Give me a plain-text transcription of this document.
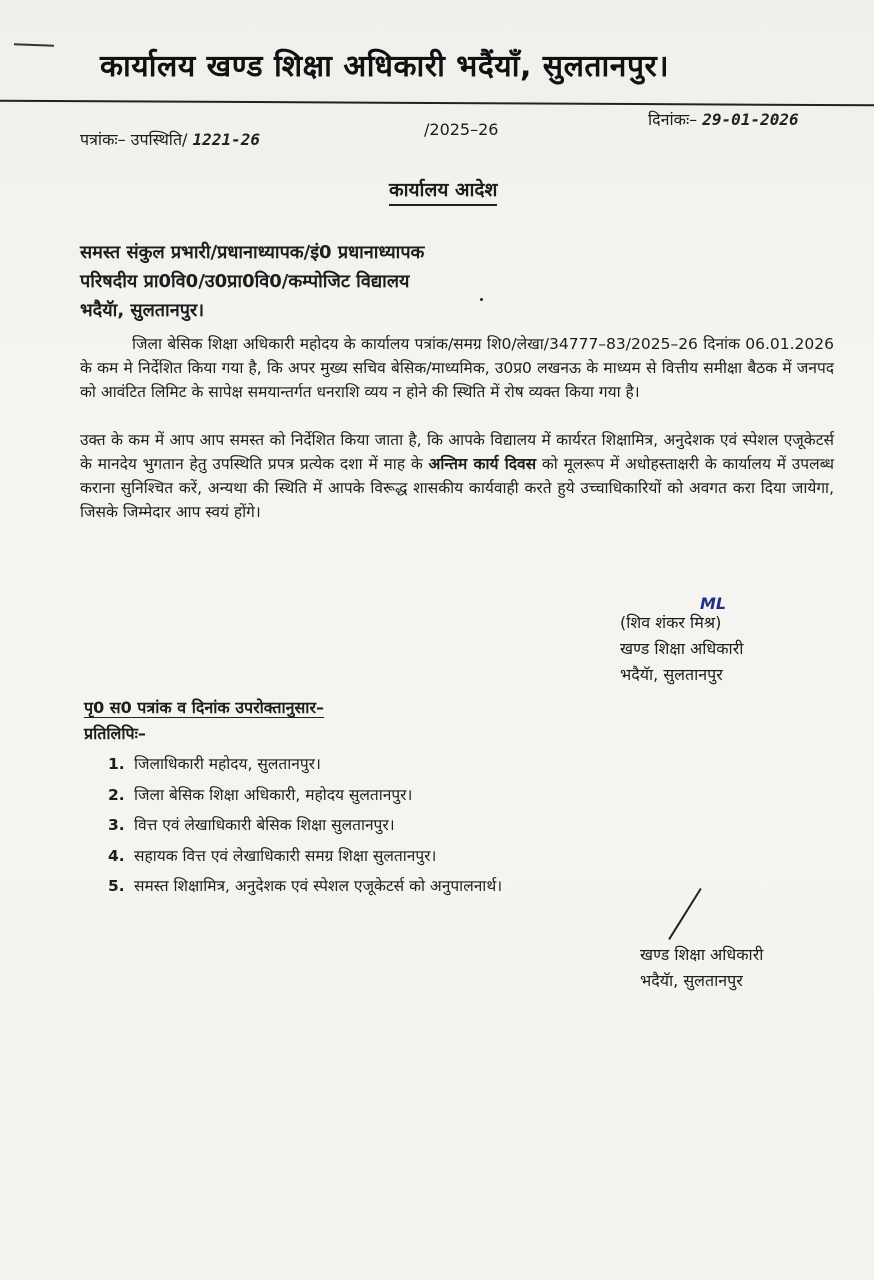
कार्यालय खण्ड शिक्षा अधिकारी भदैंयाँ, सुलतानपुर।
पत्रांकः– उपस्थिति/ 1221-26
/2025–26
दिनांकः– 29-01-2026
कार्यालय आदेश
समस्त संकुल प्रभारी/प्रधानाध्यापक/इं0 प्रधानाध्यापक
परिषदीय प्रा0वि0/उ0प्रा0वि0/कम्पोजिट विद्यालय
भदैयॅा, सुलतानपुर।
जिला बेसिक शिक्षा अधिकारी महोदय के कार्यालय पत्रांक/समग्र शि0/लेखा/34777–83/2025–26 दिनांक 06.01.2026 के कम मे निर्देशित किया गया है, कि अपर मुख्य सचिव बेसिक/माध्यमिक, उ0प्र0 लखनऊ के माध्यम से वित्तीय समीक्षा बैठक में जनपद को आवंटित लिमिट के सापेक्ष समयान्तर्गत धनराशि व्यय न होने की स्थिति में रोष व्यक्त किया गया है।
उक्त के कम में आप आप समस्त को निर्देशित किया जाता है, कि आपके विद्यालय में कार्यरत शिक्षामित्र, अनुदेशक एवं स्पेशल एजूकेटर्स के मानदेय भुगतान हेतु उपस्थिति प्रपत्र प्रत्येक दशा में माह के अन्तिम कार्य दिवस को मूलरूप में अधोहस्ताक्षरी के कार्यालय में उपलब्ध कराना सुनिश्चित करें, अन्यथा की स्थिति में आपके विरूद्ध शासकीय कार्यवाही करते हुये उच्चाधिकारियों को अवगत करा दिया जायेगा, जिसके जिम्मेदार आप स्वयं होंगे।
ML
(शिव शंकर मिश्र)
खण्ड शिक्षा अधिकारी
भदैयॅा, सुलतानपुर
पृ0 स0 पत्रांक व दिनांक उपरोक्तानुसार–
प्रतिलिपिः–
1. जिलाधिकारी महोदय, सुलतानपुर।
2. जिला बेसिक शिक्षा अधिकारी, महोदय सुलतानपुर।
3. वित्त एवं लेखाधिकारी बेसिक शिक्षा सुलतानपुर।
4. सहायक वित्त एवं लेखाधिकारी समग्र शिक्षा सुलतानपुर।
5. समस्त शिक्षामित्र, अनुदेशक एवं स्पेशल एजूकेटर्स को अनुपालनार्थ।
खण्ड शिक्षा अधिकारी
भदैयॅा, सुलतानपुर
